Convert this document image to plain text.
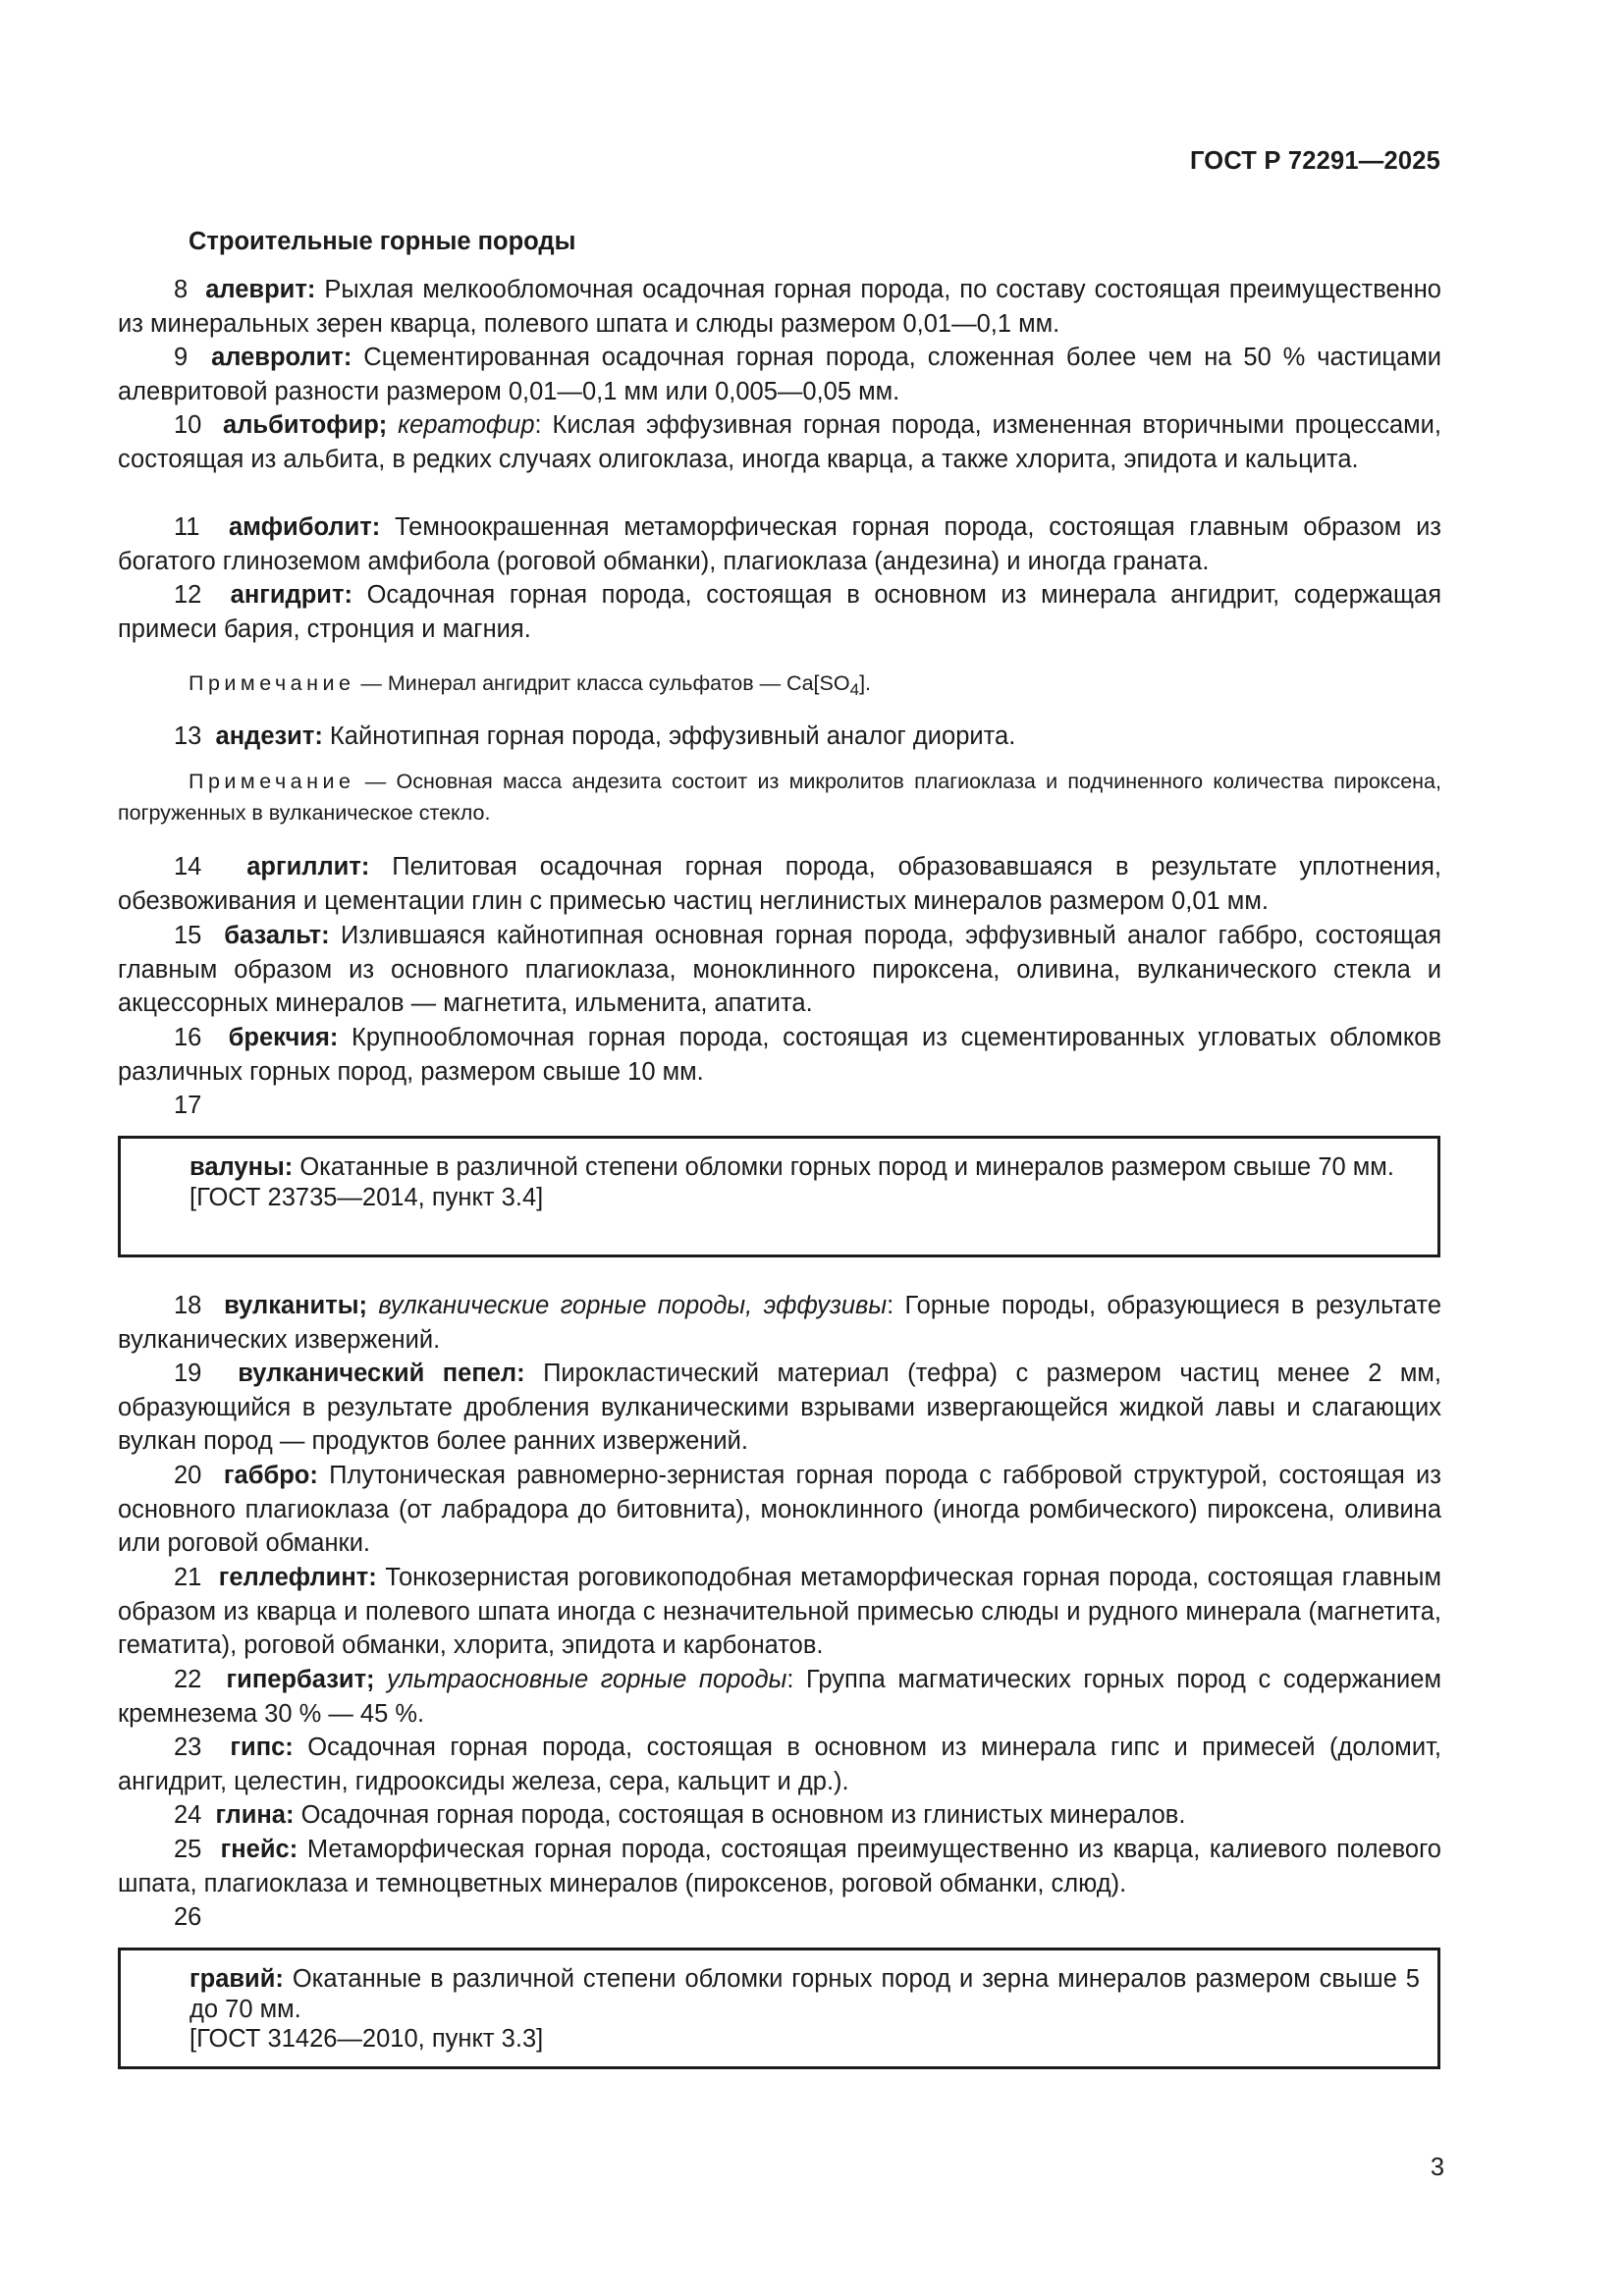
ГОСТ Р 72291—2025
Строительные горные породы

8 алеврит: Рыхлая мелкообломочная осадочная горная порода, по составу состоящая преимущественно из минеральных зерен кварца, полевого шпата и слюды размером 0,01—0,1 мм.

9 алевролит: Сцементированная осадочная горная порода, сложенная более чем на 50 % частицами алевритовой разности размером 0,01—0,1 мм или 0,005—0,05 мм.

10 альбитофир; кератофир: Кислая эффузивная горная порода, измененная вторичными процессами, состоящая из альбита, в редких случаях олигоклаза, иногда кварца, а также хлорита, эпидота и кальцита.

11 амфиболит: Темноокрашенная метаморфическая горная порода, состоящая главным образом из богатого глиноземом амфибола (роговой обманки), плагиоклаза (андезина) и иногда граната.

12 ангидрит: Осадочная горная порода, состоящая в основном из минерала ангидрит, содержащая примеси бария, стронция и магния.

Примечание — Минерал ангидрит класса сульфатов — $Ca[SO_4]$.

13 андезит: Кайнотипная горная порода, эффузивный аналог диорита.

Примечание — Основная масса андезита состоит из микролитов плагиоклаза и подчиненного количества пироксена, погруженных в вулканическое стекло.

14 аргиллит: Пелитовая осадочная горная порода, образовавшаяся в результате уплотнения, обезвоживания и цементации глин с примесью частиц неглинистых минералов размером 0,01 мм.

15 базальт: Излившаяся кайнотипная основная горная порода, эффузивный аналог габбро, состоящая главным образом из основного плагиоклаза, моноклинного пироксена, оливина, вулканического стекла и акцессорных минералов — магнетита, ильменита, апатита.

16 брекчия: Крупнообломочная горная порода, состоящая из сцементированных угловатых обломков различных горных пород, размером свыше 10 мм.

17

валуны: Окатанные в различной степени обломки горных пород и минералов размером свыше 70 мм.

[ГОСТ 23735—2014, пункт 3.4]

18 вулканиты; вулканические горные породы, эффузивы: Горные породы, образующиеся в результате вулканических извержений.

19 вулканический пепел: Пирокластический материал (тефра) с размером частиц менее 2 мм, образующийся в результате дробления вулканическими взрывами извергающейся жидкой лавы и слагающих вулкан пород — продуктов более ранних извержений.

20 габбро: Плутоническая равномерно-зернистая горная порода с габбровой структурой, состоящая из основного плагиоклаза (от лабрадора до битовнита), моноклинного (иногда ромбического) пироксена, оливина или роговой обманки.

21 геллефлинт: Тонкозернистая роговикоподобная метаморфическая горная порода, состоящая главным образом из кварца и полевого шпата иногда с незначительной примесью слюды и рудного минерала (магнетита, гематита), роговой обманки, хлорита, эпидота и карбонатов.

22 гипербазит; ультраосновные горные породы: Группа магматических горных пород с содержанием кремнезема 30 % — 45 %.

23 гипс: Осадочная горная порода, состоящая в основном из минерала гипс и примесей (доломит, ангидрит, целестин, гидрооксиды железа, сера, кальцит и др.).

24 глина: Осадочная горная порода, состоящая в основном из глинистых минералов.

25 гнейс: Метаморфическая горная порода, состоящая преимущественно из кварца, калиевого полевого шпата, плагиоклаза и темноцветных минералов (пироксенов, роговой обманки, слюд).

26

гравий: Окатанные в различной степени обломки горных пород и зерна минералов размером свыше 5 до 70 мм.

[ГОСТ 31426—2010, пункт 3.3]

3
